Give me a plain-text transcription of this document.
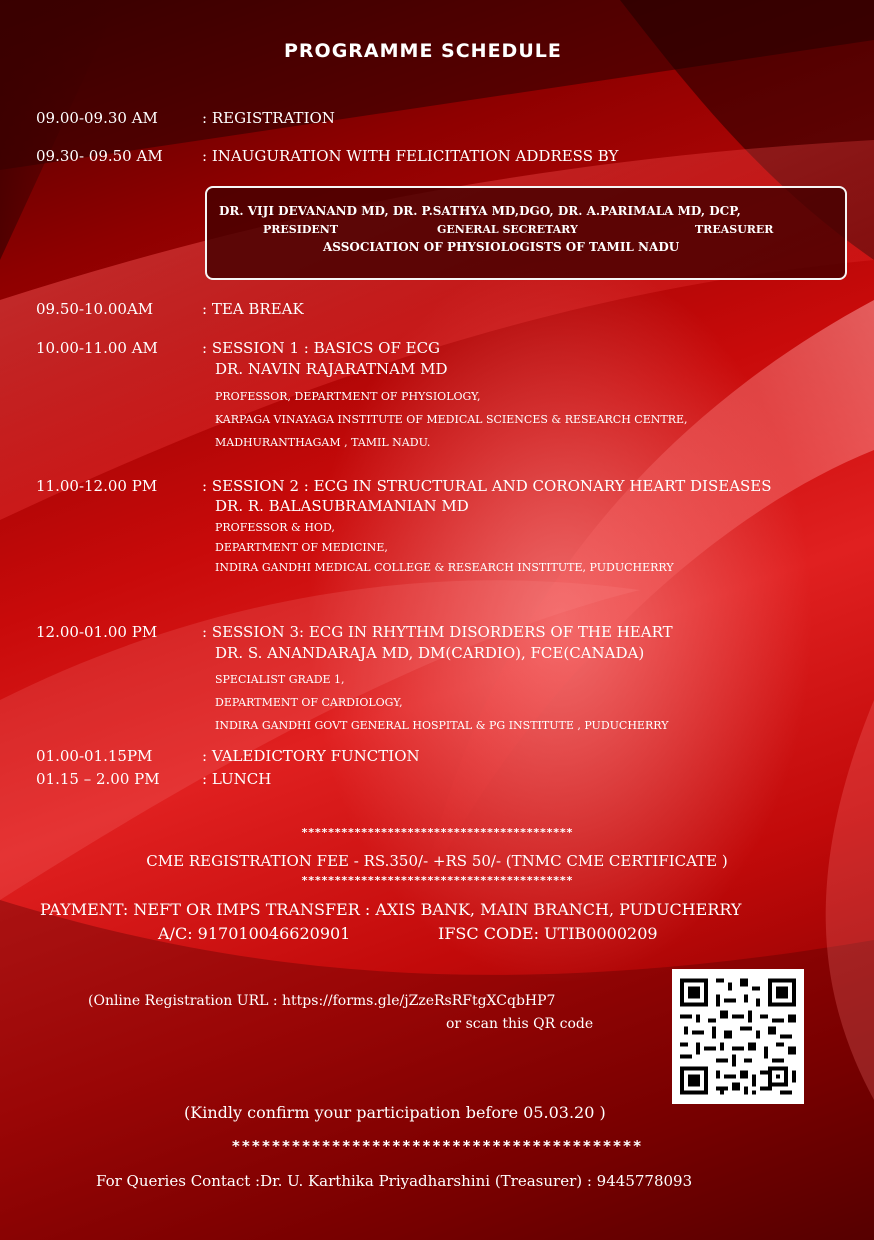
PROGRAMME SCHEDULE
09.00-09.30 AM	: REGISTRATION
09.30- 09.50 AM	: INAUGURATION WITH FELICITATION ADDRESS BY
DR. VIJI DEVANAND MD, DR. P.SATHYA MD,DGO, DR. A.PARIMALA MD, DCP,
PRESIDENT	GENERAL SECRETARY	TREASURER
ASSOCIATION OF PHYSIOLOGISTS OF TAMIL NADU
09.50-10.00AM	: TEA BREAK
10.00-11.00 AM	: SESSION 1 : BASICS OF ECG
DR. NAVIN RAJARATNAM MD
PROFESSOR, DEPARTMENT OF PHYSIOLOGY,
KARPAGA VINAYAGA INSTITUTE OF MEDICAL SCIENCES & RESEARCH CENTRE,
MADHURANTHAGAM , TAMIL NADU.
11.00-12.00 PM	: SESSION 2 : ECG IN STRUCTURAL AND CORONARY HEART DISEASES
DR. R. BALASUBRAMANIAN MD
PROFESSOR & HOD,
DEPARTMENT OF MEDICINE,
INDIRA GANDHI MEDICAL COLLEGE & RESEARCH INSTITUTE, PUDUCHERRY
12.00-01.00 PM	: SESSION 3: ECG IN RHYTHM DISORDERS OF THE HEART
DR. S. ANANDARAJA MD, DM(CARDIO), FCE(CANADA)
SPECIALIST GRADE 1,
DEPARTMENT OF CARDIOLOGY,
INDIRA GANDHI GOVT GENERAL HOSPITAL & PG INSTITUTE , PUDUCHERRY
01.00-01.15PM	: VALEDICTORY FUNCTION
01.15 – 2.00 PM	: LUNCH
*****************************************
CME REGISTRATION FEE - RS.350/- +RS 50/- (TNMC CME CERTIFICATE )
*****************************************
PAYMENT: NEFT OR IMPS TRANSFER : AXIS BANK, MAIN BRANCH, PUDUCHERRY
A/C: 917010046620901	IFSC CODE: UTIB0000209
(Online Registration URL : https://forms.gle/jZzeRsRFtgXCqbHP7
or scan this QR code
(Kindly confirm your participation before 05.03.20 )
*****************************************
For Queries Contact :Dr. U. Karthika Priyadharshini (Treasurer) : 9445778093
